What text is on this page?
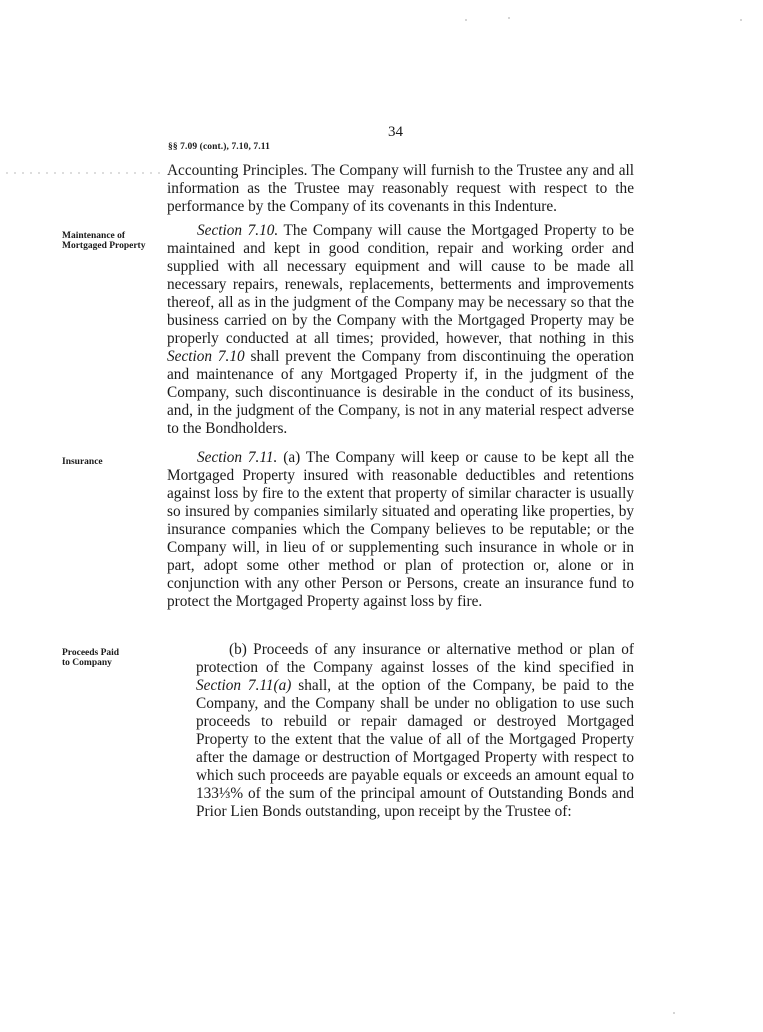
34
§§ 7.09 (cont.), 7.10, 7.11

Accounting Principles. The Company will furnish to the Trustee any and all information as the Trustee may reasonably request with respect to the performance by the Company of its covenants in this Indenture.

Maintenance of Mortgaged Property

Section 7.10. The Company will cause the Mortgaged Property to be maintained and kept in good condition, repair and working order and supplied with all necessary equipment and will cause to be made all necessary repairs, renewals, replacements, betterments and improvements thereof, all as in the judgment of the Company may be necessary so that the business carried on by the Company with the Mortgaged Property may be properly conducted at all times; provided, however, that nothing in this Section 7.10 shall prevent the Company from discontinuing the operation and maintenance of any Mortgaged Property if, in the judgment of the Company, such discontinuance is desirable in the conduct of its business, and, in the judgment of the Company, is not in any material respect adverse to the Bondholders.

Insurance	Section 7.11. (a) The Company will keep or cause to be kept all the Mortgaged Property insured with reasonable deductibles and retentions against loss by fire to the extent that property of similar character is usually so insured by companies similarly situated and operating like properties, by insurance companies which the Company believes to be reputable; or the Company will, in lieu of or supplementing such insurance in whole or in part, adopt some other method or plan of protection or, alone or in conjunction with any other Person or Persons, create an insurance fund to protect the Mortgaged Property against loss by fire.

Proceeds Paid to Company

(b) Proceeds of any insurance or alternative method or plan of protection of the Company against losses of the kind specified in Section 7.11(a) shall, at the option of the Company, be paid to the Company, and the Company shall be under no obligation to use such proceeds to rebuild or repair damaged or destroyed Mortgaged Property to the extent that the value of all of the Mortgaged Property after the damage or destruction of Mortgaged Property with respect to which such proceeds are payable equals or exceeds an amount equal to 133⅓% of the sum of the principal amount of Outstanding Bonds and Prior Lien Bonds outstanding, upon receipt by the Trustee of:
